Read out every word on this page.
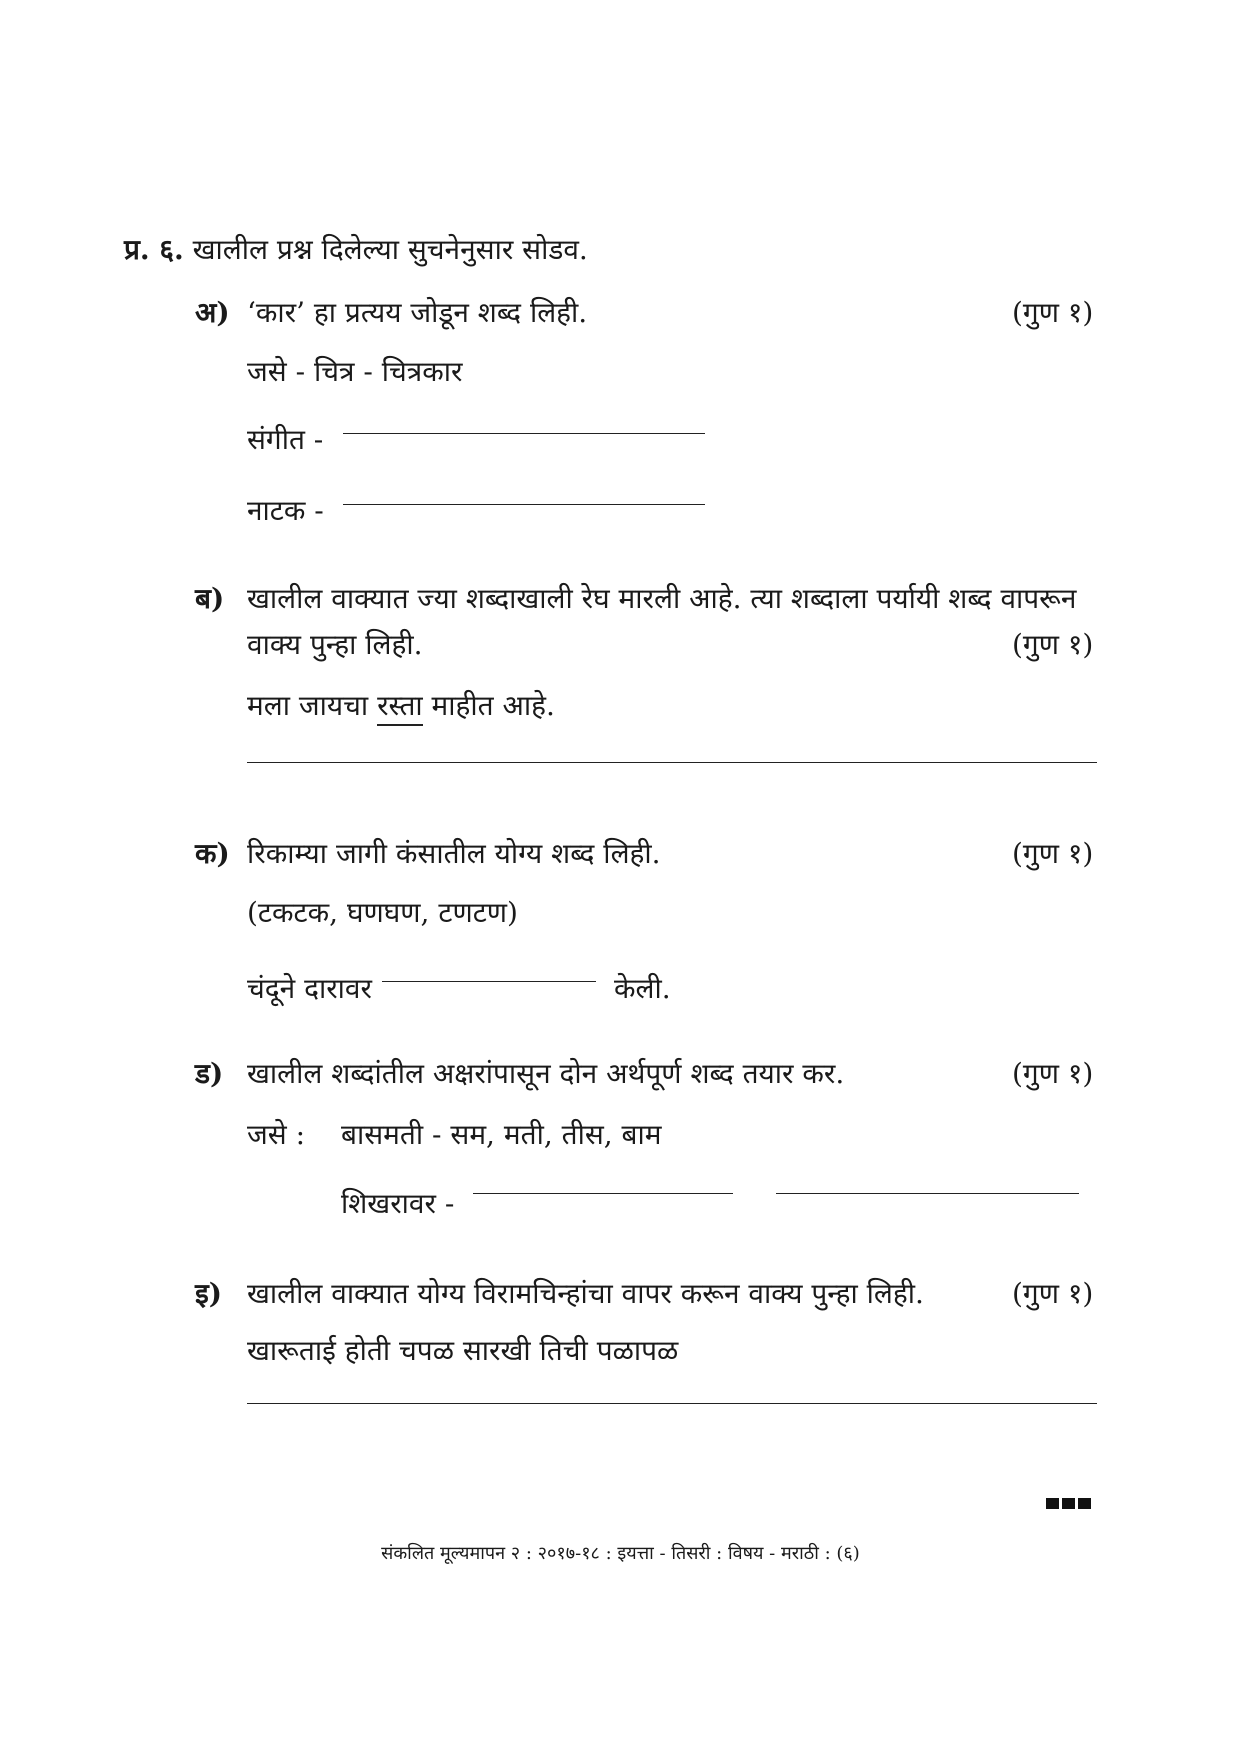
प्र. ६. खालील प्रश्न दिलेल्या सुचनेनुसार सोडव.
अ) ‘कार’ हा प्रत्यय जोडून शब्द लिही.	(गुण १)
जसे - चित्र - चित्रकार
संगीत -
नाटक -
ब) खालील वाक्यात ज्या शब्दाखाली रेघ मारली आहे. त्या शब्दाला पर्यायी शब्द वापरून
वाक्य पुन्हा लिही.	(गुण १)
मला जायचा रस्ता माहीत आहे.
क) रिकाम्या जागी कंसातील योग्य शब्द लिही.	(गुण १)
(टकटक, घणघण, टणटण)
चंदूने दारावर	केली.
ड) खालील शब्दांतील अक्षरांपासून दोन अर्थपूर्ण शब्द तयार कर.	(गुण १)
जसे : बासमती - सम, मती, तीस, बाम
शिखरावर -
इ) खालील वाक्यात योग्य विरामचिन्हांचा वापर करून वाक्य पुन्हा लिही.	(गुण १)
खारूताई होती चपळ सारखी तिची पळापळ
संकलित मूल्यमापन २ : २०१७-१८ : इयत्ता - तिसरी : विषय - मराठी : (६)
